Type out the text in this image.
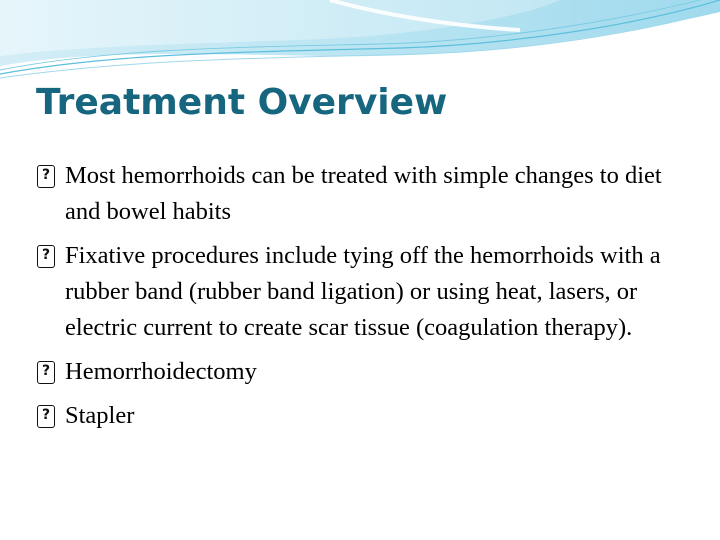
Treatment Overview
?
Most hemorrhoids can be treated with simple changes to diet and bowel habits
?
Fixative procedures include tying off the hemorrhoids with a rubber band (rubber band ligation) or using heat, lasers, or electric current to create scar tissue (coagulation therapy).
?
Hemorrhoidectomy
?
Stapler
